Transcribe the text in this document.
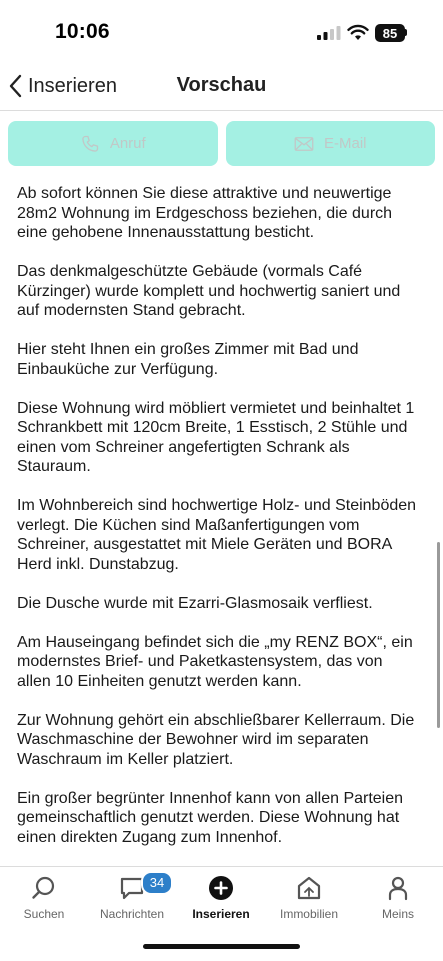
10:06	85
Inserieren	Vorschau
Anruf	E-Mail

Ab sofort können Sie diese attraktive und neuwertige 28m2 Wohnung im Erdgeschoss beziehen, die durch eine gehobene Innenausstattung besticht.

Das denkmalgeschützte Gebäude (vormals Café Kürzinger) wurde komplett und hochwertig saniert und auf modernsten Stand gebracht.

Hier steht Ihnen ein großes Zimmer mit Bad und Einbauküche zur Verfügung.

Diese Wohnung wird möbliert vermietet und beinhaltet 1 Schrankbett mit 120cm Breite, 1 Esstisch, 2 Stühle und einen vom Schreiner angefertigten Schrank als Stauraum.

Im Wohnbereich sind hochwertige Holz- und Steinböden verlegt. Die Küchen sind Maßanfertigungen vom Schreiner, ausgestattet mit Miele Geräten und BORA Herd inkl. Dunstabzug.

Die Dusche wurde mit Ezarri-Glasmosaik verfliest.

Am Hauseingang befindet sich die „my RENZ BOX“, ein modernstes Brief- und Paketkastensystem, das von allen 10 Einheiten genutzt werden kann.

Zur Wohnung gehört ein abschließbarer Kellerraum. Die Waschmaschine der Bewohner wird im separaten Waschraum im Keller platziert.

Ein großer begrünter Innenhof kann von allen Parteien gemeinschaftlich genutzt werden. Diese Wohnung hat einen direkten Zugang zum Innenhof.

Suchen
34
Nachrichten	Inserieren	Immobilien	Meins
